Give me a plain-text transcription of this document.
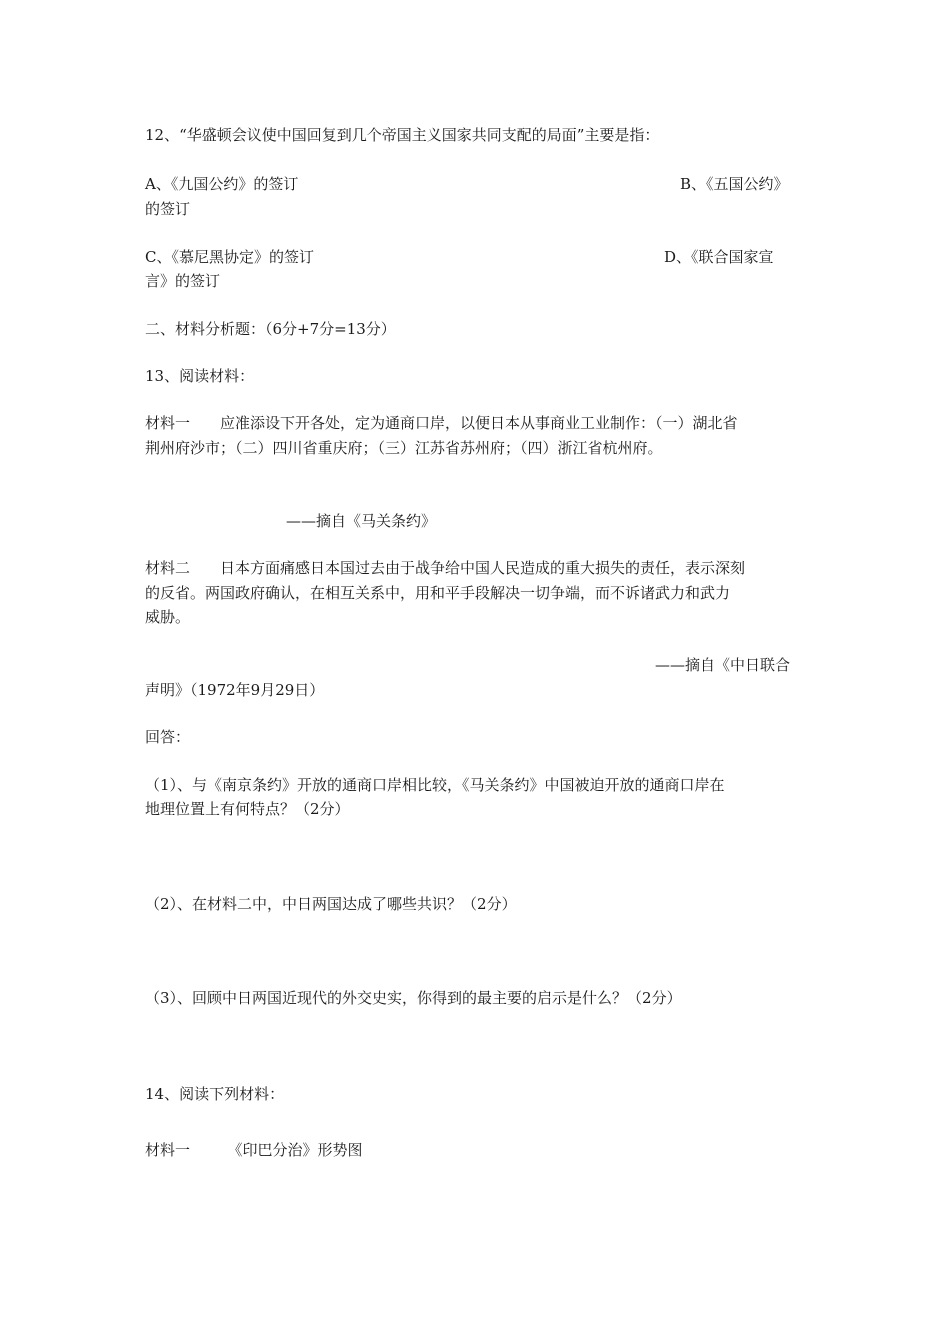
12、“华盛顿会议使中国回复到几个帝国主义国家共同支配的局面”主要是指：
A、《九国公约》的签订	B、《五国公约》
的签订
C、《慕尼黑协定》的签订	D、《联合国家宣
言》的签订
二、材料分析题：（6分+7分=13分）
13、阅读材料：
材料一　　应准添设下开各处，定为通商口岸，以便日本从事商业工业制作：（一）湖北省
荆州府沙市；（二）四川省重庆府；（三）江苏省苏州府；（四）浙江省杭州府。
——摘自《马关条约》
材料二　　日本方面痛感日本国过去由于战争给中国人民造成的重大损失的责任，表示深刻
的反省。两国政府确认，在相互关系中，用和平手段解决一切争端，而不诉诸武力和武力
威胁。
——摘自《中日联合
声明》（1972年9月29日）
回答：
（1）、与《南京条约》开放的通商口岸相比较，《马关条约》中国被迫开放的通商口岸在
地理位置上有何特点？（2分）
（2）、在材料二中，中日两国达成了哪些共识？（2分）
（3）、回顾中日两国近现代的外交史实，你得到的最主要的启示是什么？（2分）
14、阅读下列材料：
材料一　　　《印巴分治》形势图
